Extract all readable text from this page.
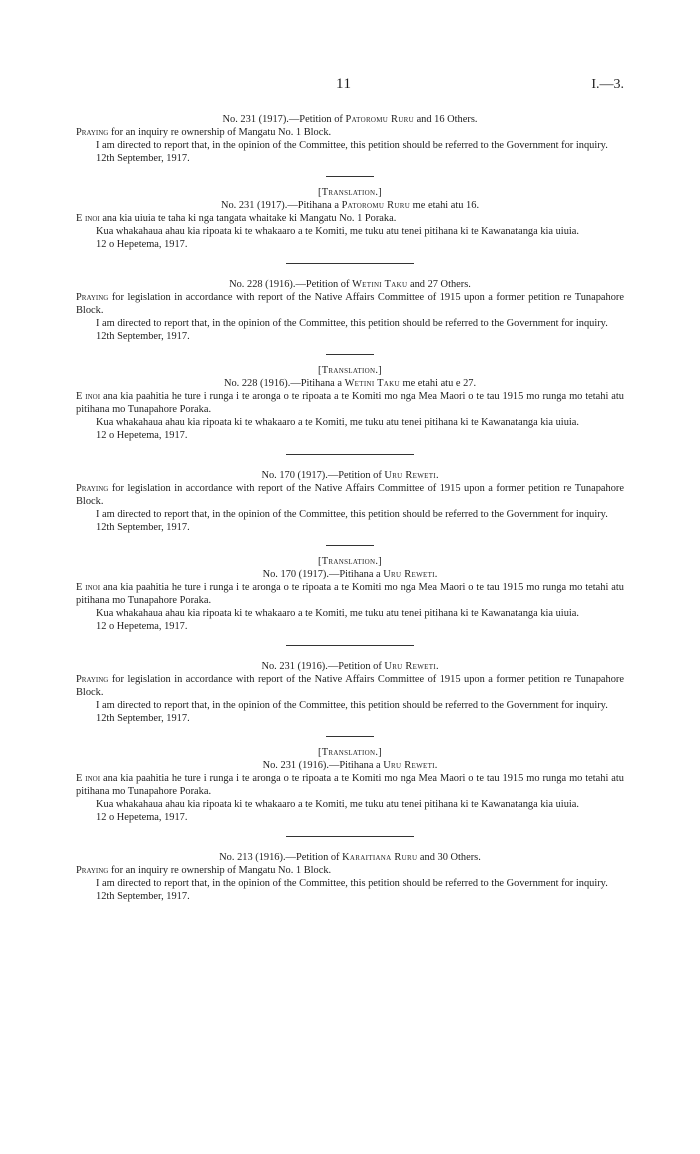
11	I.—3.

No. 231 (1917).—Petition of Patoromu Ruru and 16 Others.

Praying for an inquiry re ownership of Mangatu No. 1 Block.

I am directed to report that, in the opinion of the Committee, this petition should be referred to the Government for inquiry.

12th September, 1917.

[Translation.]

No. 231 (1917).—Pitihana a Patoromu Ruru me etahi atu 16.

E inoi ana kia uiuia te taha ki nga tangata whaitake ki Mangatu No. 1 Poraka.

Kua whakahaua ahau kia ripoata ki te whakaaro a te Komiti, me tuku atu tenei pitihana ki te Kawanatanga kia uiuia.

12 o Hepetema, 1917.

No. 228 (1916).—Petition of Wetini Taku and 27 Others.

Praying for legislation in accordance with report of the Native Affairs Committee of 1915 upon a former petition re Tunapahore Block.

I am directed to report that, in the opinion of the Committee, this petition should be referred to the Government for inquiry.

12th September, 1917.

[Translation.]

No. 228 (1916).—Pitihana a Wetini Taku me etahi atu e 27.

E inoi ana kia paahitia he ture i runga i te aronga o te ripoata a te Komiti mo nga Mea Maori o te tau 1915 mo runga mo tetahi atu pitihana mo Tunapahore Poraka.

Kua whakahaua ahau kia ripoata ki te whakaaro a te Komiti, me tuku atu tenei pitihana ki te Kawanatanga kia uiuia.

12 o Hepetema, 1917.

No. 170 (1917).—Petition of Uru Reweti.

Praying for legislation in accordance with report of the Native Affairs Committee of 1915 upon a former petition re Tunapahore Block.

I am directed to report that, in the opinion of the Committee, this petition should be referred to the Government for inquiry.

12th September, 1917.

[Translation.]

No. 170 (1917).—Pitihana a Uru Reweti.

E inoi ana kia paahitia he ture i runga i te aronga o te ripoata a te Komiti mo nga Mea Maori o te tau 1915 mo runga mo tetahi atu pitihana mo Tunapahore Poraka.

Kua whakahaua ahau kia ripoata ki te whakaaro a te Komiti, me tuku atu tenei pitihana ki te Kawanatanga kia uiuia.

12 o Hepetema, 1917.

No. 231 (1916).—Petition of Uru Reweti.

Praying for legislation in accordance with report of the Native Affairs Committee of 1915 upon a former petition re Tunapahore Block.

I am directed to report that, in the opinion of the Committee, this petition should be referred to the Government for inquiry.

12th September, 1917.

[Translation.]

No. 231 (1916).—Pitihana a Uru Reweti.

E inoi ana kia paahitia he ture i runga i te aronga o te ripoata a te Komiti mo nga Mea Maori o te tau 1915 mo runga mo tetahi atu pitihana mo Tunapahore Poraka.

Kua whakahaua ahau kia ripoata ki te whakaaro a te Komiti, me tuku atu tenei pitihana ki te Kawanatanga kia uiuia.

12 o Hepetema, 1917.

No. 213 (1916).—Petition of Karaitiana Ruru and 30 Others.

Praying for an inquiry re ownership of Mangatu No. 1 Block.

I am directed to report that, in the opinion of the Committee, this petition should be referred to the Government for inquiry.

12th September, 1917.
